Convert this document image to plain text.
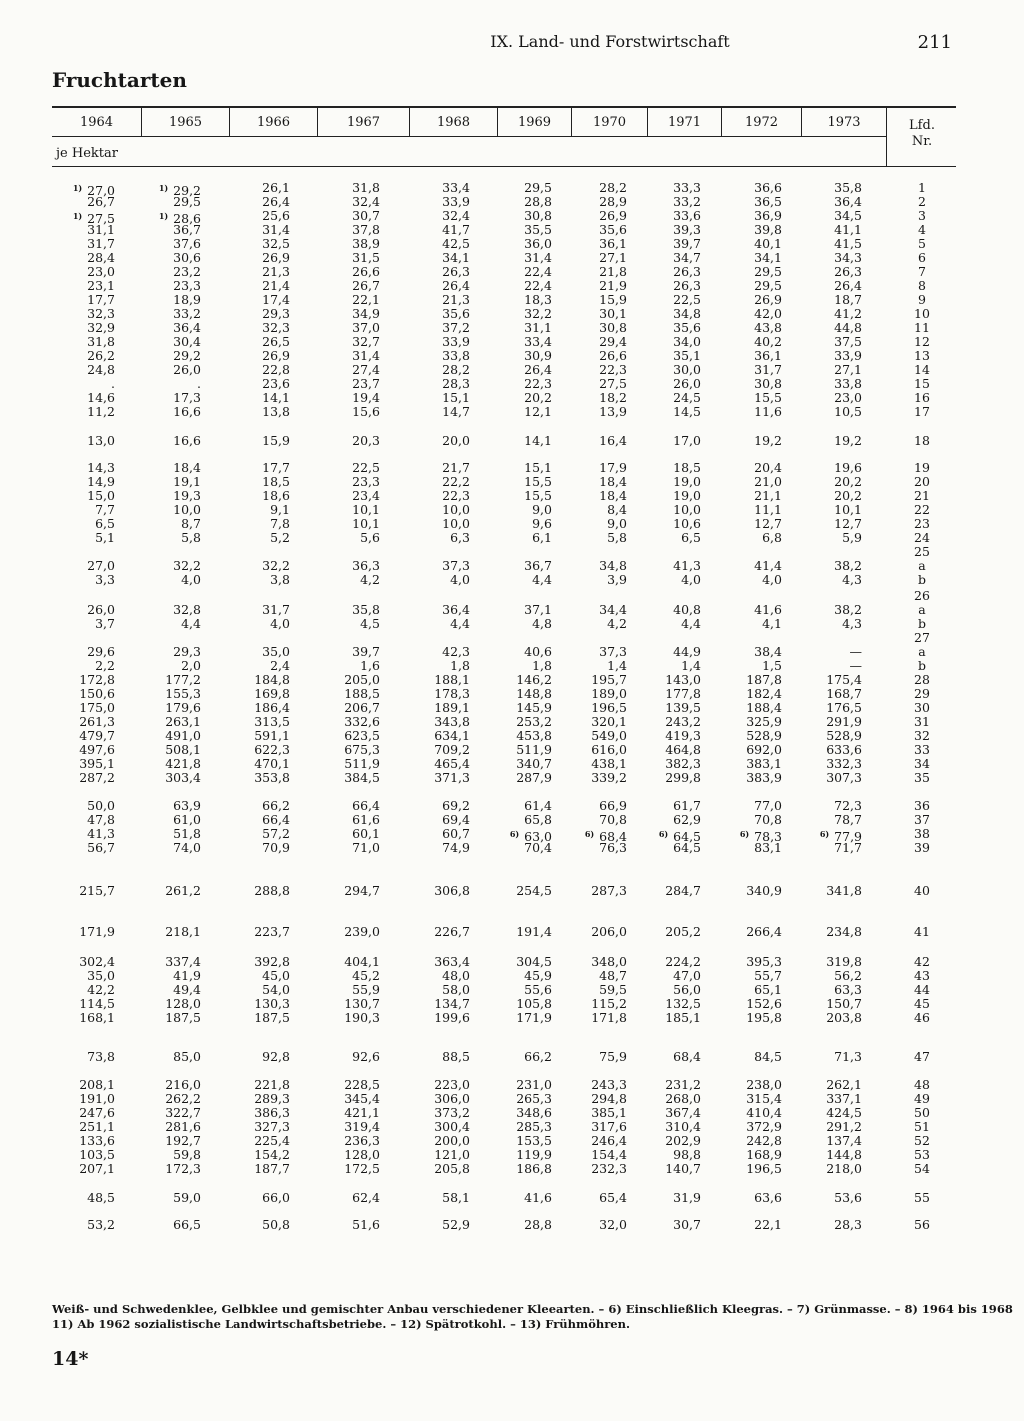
IX. Land- und Forstwirtschaft	211
Fruchtarten
1964	1965	1966	1967	1968	1969	1970	1971	1972	1973
je Hektar
Lfd.
Nr.
$^{1)}$ 27,0	$^{1)}$ 29,2	26,1	31,8	33,4	29,5	28,2	33,3	36,6	35,8	1
26,7	29,5	26,4	32,4	33,9	28,8	28,9	33,2	36,5	36,4	2
$^{1)}$ 27,5	$^{1)}$ 28,6	25,6	30,7	32,4	30,8	26,9	33,6	36,9	34,5	3
31,1	36,7	31,4	37,8	41,7	35,5	35,6	39,3	39,8	41,1	4
31,7	37,6	32,5	38,9	42,5	36,0	36,1	39,7	40,1	41,5	5
28,4	30,6	26,9	31,5	34,1	31,4	27,1	34,7	34,1	34,3	6
23,0	23,2	21,3	26,6	26,3	22,4	21,8	26,3	29,5	26,3	7
23,1	23,3	21,4	26,7	26,4	22,4	21,9	26,3	29,5	26,4	8
17,7	18,9	17,4	22,1	21,3	18,3	15,9	22,5	26,9	18,7	9
32,3	33,2	29,3	34,9	35,6	32,2	30,1	34,8	42,0	41,2	10
32,9	36,4	32,3	37,0	37,2	31,1	30,8	35,6	43,8	44,8	11
31,8	30,4	26,5	32,7	33,9	33,4	29,4	34,0	40,2	37,5	12
26,2	29,2	26,9	31,4	33,8	30,9	26,6	35,1	36,1	33,9	13
24,8	26,0	22,8	27,4	28,2	26,4	22,3	30,0	31,7	27,1	14
.	.	23,6	23,7	28,3	22,3	27,5	26,0	30,8	33,8	15
14,6	17,3	14,1	19,4	15,1	20,2	18,2	24,5	15,5	23,0	16
11,2	16,6	13,8	15,6	14,7	12,1	13,9	14,5	11,6	10,5	17
13,0	16,6	15,9	20,3	20,0	14,1	16,4	17,0	19,2	19,2	18
14,3	18,4	17,7	22,5	21,7	15,1	17,9	18,5	20,4	19,6	19
14,9	19,1	18,5	23,3	22,2	15,5	18,4	19,0	21,0	20,2	20
15,0	19,3	18,6	23,4	22,3	15,5	18,4	19,0	21,1	20,2	21
7,7	10,0	9,1	10,1	10,0	9,0	8,4	10,0	11,1	10,1	22
6,5	8,7	7,8	10,1	10,0	9,6	9,0	10,6	12,7	12,7	23
5,1	5,8	5,2	5,6	6,3	6,1	5,8	6,5	6,8	5,9	24
25
27,0	32,2	32,2	36,3	37,3	36,7	34,8	41,3	41,4	38,2	a
3,3	4,0	3,8	4,2	4,0	4,4	3,9	4,0	4,0	4,3	b
26
26,0	32,8	31,7	35,8	36,4	37,1	34,4	40,8	41,6	38,2	a
3,7	4,4	4,0	4,5	4,4	4,8	4,2	4,4	4,1	4,3	b
27
29,6	29,3	35,0	39,7	42,3	40,6	37,3	44,9	38,4	—	a
2,2	2,0	2,4	1,6	1,8	1,8	1,4	1,4	1,5	—	b
172,8	177,2	184,8	205,0	188,1	146,2	195,7	143,0	187,8	175,4	28
150,6	155,3	169,8	188,5	178,3	148,8	189,0	177,8	182,4	168,7	29
175,0	179,6	186,4	206,7	189,1	145,9	196,5	139,5	188,4	176,5	30
261,3	263,1	313,5	332,6	343,8	253,2	320,1	243,2	325,9	291,9	31
479,7	491,0	591,1	623,5	634,1	453,8	549,0	419,3	528,9	528,9	32
497,6	508,1	622,3	675,3	709,2	511,9	616,0	464,8	692,0	633,6	33
395,1	421,8	470,1	511,9	465,4	340,7	438,1	382,3	383,1	332,3	34
287,2	303,4	353,8	384,5	371,3	287,9	339,2	299,8	383,9	307,3	35
50,0	63,9	66,2	66,4	69,2	61,4	66,9	61,7	77,0	72,3	36
47,8	61,0	66,4	61,6	69,4	65,8	70,8	62,9	70,8	78,7	37
41,3	51,8	57,2	60,1	60,7	$^{6)}$ 63,0	$^{6)}$ 68,4	$^{6)}$ 64,5	$^{6)}$ 78,3	$^{6)}$ 77,9	38
56,7	74,0	70,9	71,0	74,9	70,4	76,3	64,5	83,1	71,7	39
215,7	261,2	288,8	294,7	306,8	254,5	287,3	284,7	340,9	341,8	40
171,9	218,1	223,7	239,0	226,7	191,4	206,0	205,2	266,4	234,8	41
302,4	337,4	392,8	404,1	363,4	304,5	348,0	224,2	395,3	319,8	42
35,0	41,9	45,0	45,2	48,0	45,9	48,7	47,0	55,7	56,2	43
42,2	49,4	54,0	55,9	58,0	55,6	59,5	56,0	65,1	63,3	44
114,5	128,0	130,3	130,7	134,7	105,8	115,2	132,5	152,6	150,7	45
168,1	187,5	187,5	190,3	199,6	171,9	171,8	185,1	195,8	203,8	46
73,8	85,0	92,8	92,6	88,5	66,2	75,9	68,4	84,5	71,3	47
208,1	216,0	221,8	228,5	223,0	231,0	243,3	231,2	238,0	262,1	48
191,0	262,2	289,3	345,4	306,0	265,3	294,8	268,0	315,4	337,1	49
247,6	322,7	386,3	421,1	373,2	348,6	385,1	367,4	410,4	424,5	50
251,1	281,6	327,3	319,4	300,4	285,3	317,6	310,4	372,9	291,2	51
133,6	192,7	225,4	236,3	200,0	153,5	246,4	202,9	242,8	137,4	52
103,5	59,8	154,2	128,0	121,0	119,9	154,4	98,8	168,9	144,8	53
207,1	172,3	187,7	172,5	205,8	186,8	232,3	140,7	196,5	218,0	54
48,5	59,0	66,0	62,4	58,1	41,6	65,4	31,9	63,6	53,6	55
53,2	66,5	50,8	51,6	52,9	28,8	32,0	30,7	22,1	28,3	56
Weiß- und Schwedenklee, Gelbklee und gemischter Anbau verschiedener Kleearten. – 6) Einschließlich Kleegras. – 7) Grünmasse. – 8) 1964 bis 1968
11) Ab 1962 sozialistische Landwirtschaftsbetriebe. – 12) Spätrotkohl. – 13) Frühmöhren.
14*
